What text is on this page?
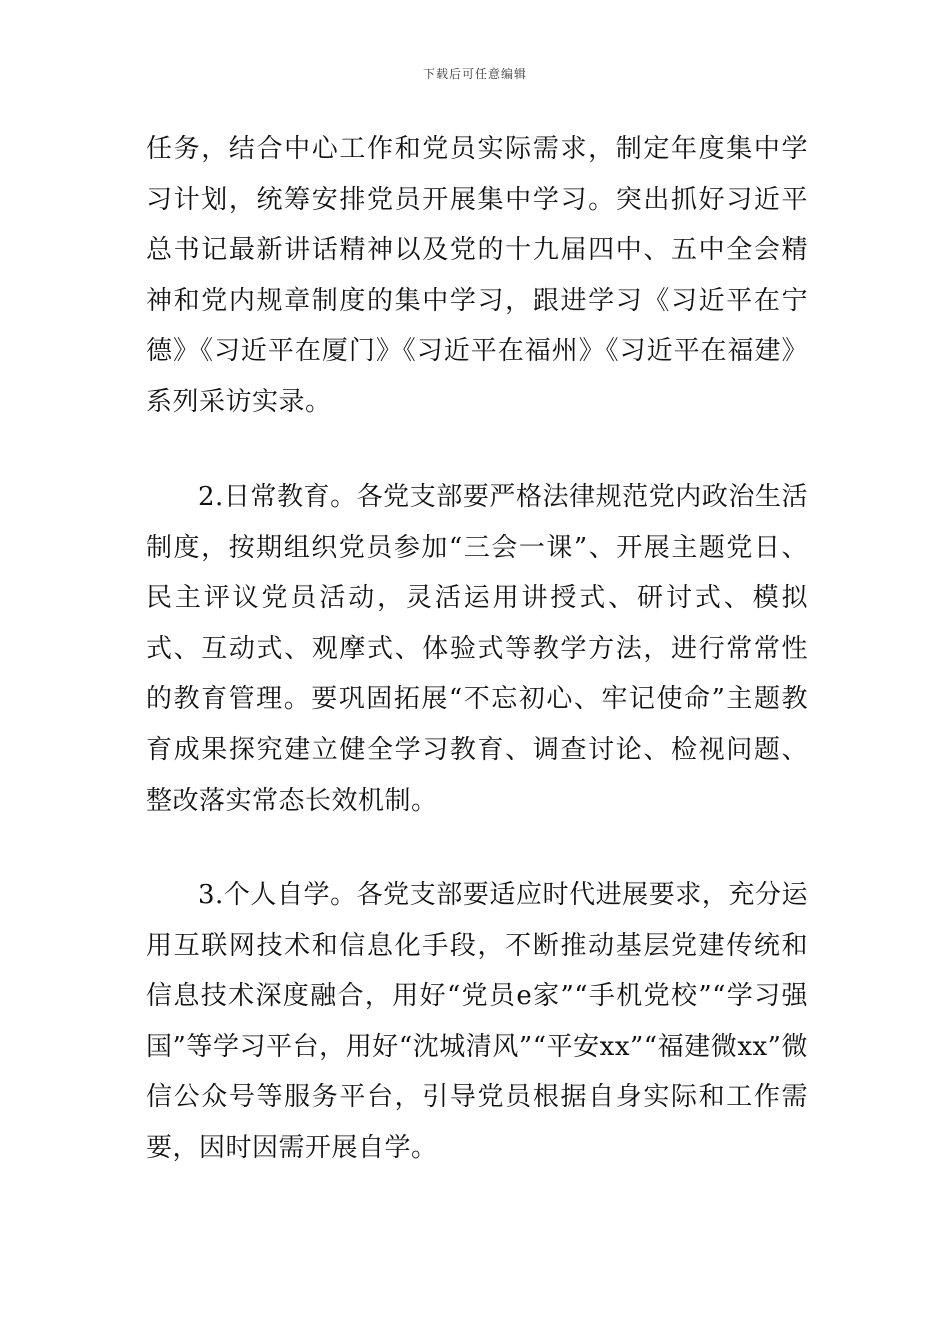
下载后可任意编辑

任务，结合中心工作和党员实际需求，制定年度集中学习计划，统筹安排党员开展集中学习。突出抓好习近平总书记最新讲话精神以及党的十九届四中、五中全会精神和党内规章制度的集中学习，跟进学习《习近平在宁德》《习近平在厦门》《习近平在福州》《习近平在福建》系列采访实录。

2.日常教育。各党支部要严格法律规范党内政治生活制度，按期组织党员参加“三会一课”、开展主题党日、民主评议党员活动，灵活运用讲授式、研讨式、模拟式、互动式、观摩式、体验式等教学方法，进行常常性的教育管理。要巩固拓展“不忘初心、牢记使命”主题教育成果探究建立健全学习教育、调查讨论、检视问题、整改落实常态长效机制。

3.个人自学。各党支部要适应时代进展要求，充分运用互联网技术和信息化手段，不断推动基层党建传统和信息技术深度融合，用好“党员e家”“手机党校”“学习强国”等学习平台，用好“沈城清风”“平安xx”“福建微xx”微信公众号等服务平台，引导党员根据自身实际和工作需要，因时因需开展自学。
